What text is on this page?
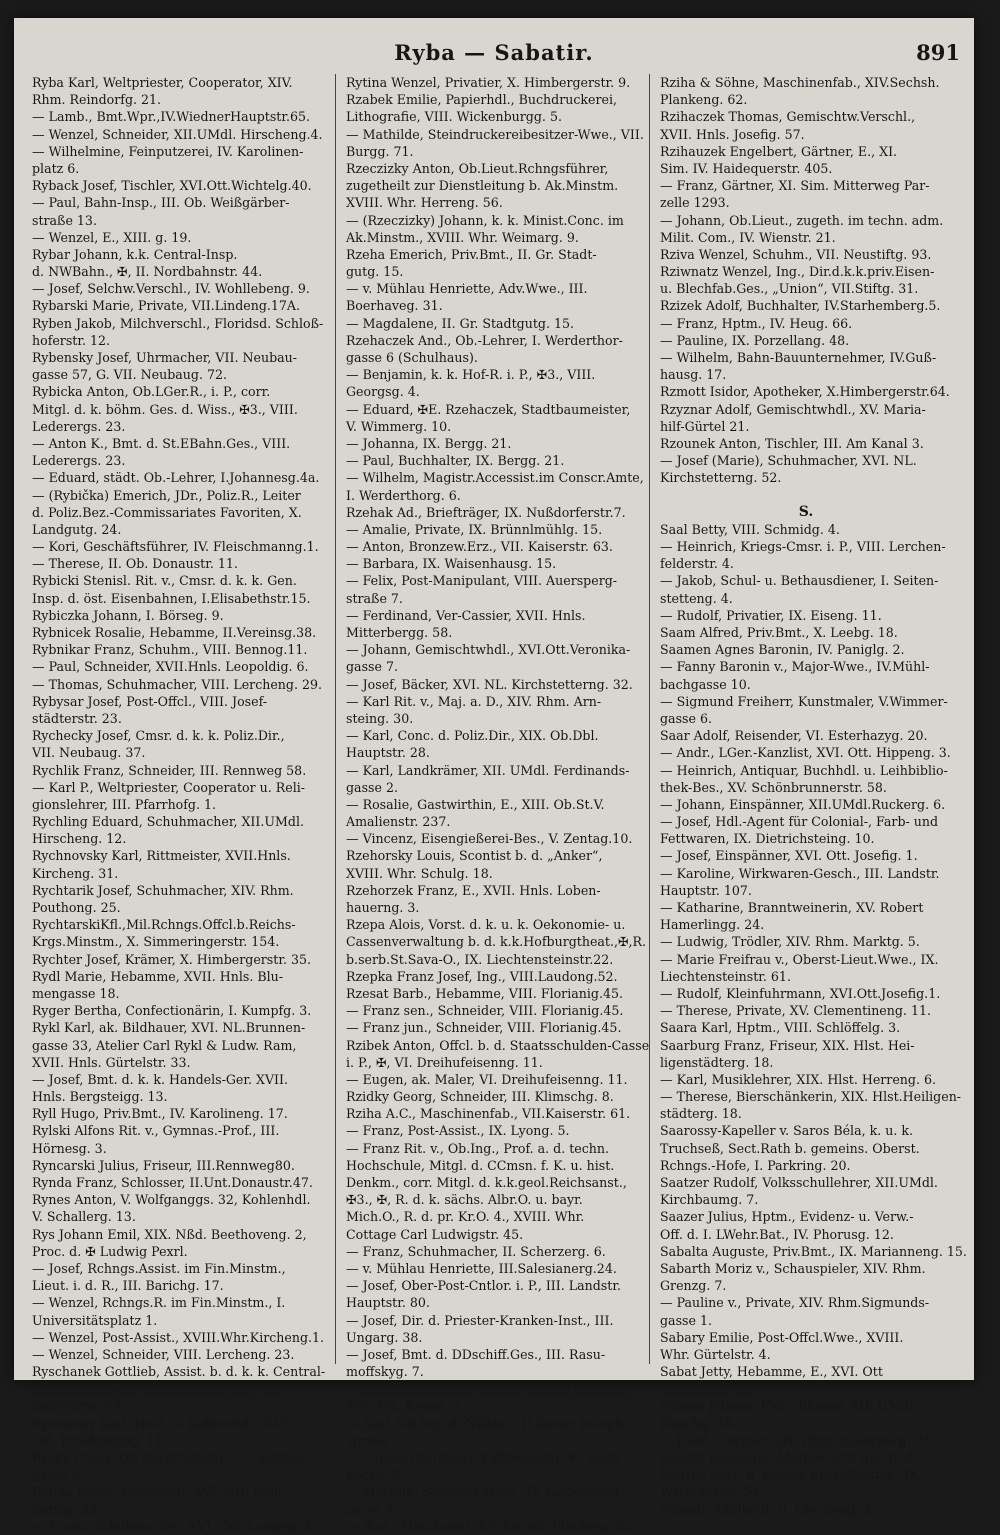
Ryba — Sabatir.	891
Ryba Karl, Weltpriester, Cooperator, XIV.
Rhm. Reindorfg. 21.
— Lamb., Bmt.Wpr.,IV.WiednerHauptstr.65.
— Wenzel, Schneider, XII.UMdl. Hirscheng.4.
— Wilhelmine, Feinputzerei, IV. Karolinen-
platz 6.
Ryback Josef, Tischler, XVI.Ott.Wichtelg.40.
— Paul, Bahn-Insp., III. Ob. Weißgärber-
straße 13.
— Wenzel, E., XIII. g. 19.
Rybar Johann, k.k. Central-Insp.
d. NWBahn., ✠, II. Nordbahnstr. 44.
— Josef, Selchw.Verschl., IV. Wohllebeng. 9.
Rybarski Marie, Private, VII.Lindeng.17A.
Ryben Jakob, Milchverschl., Floridsd. Schloß-
hoferstr. 12.
Rybensky Josef, Uhrmacher, VII. Neubau-
gasse 57, G. VII. Neubaug. 72.
Rybicka Anton, Ob.LGer.R., i. P., corr.
Mitgl. d. k. böhm. Ges. d. Wiss., ✠3., VIII.
Lederergs. 23.
— Anton K., Bmt. d. St.EBahn.Ges., VIII.
Lederergs. 23.
— Eduard, städt. Ob.-Lehrer, I.Johannesg.4a.
— (Rybička) Emerich, JDr., Poliz.R., Leiter
d. Poliz.Bez.-Commissariates Favoriten, X.
Landgutg. 24.
— Kori, Geschäftsführer, IV. Fleischmanng.1.
— Therese, II. Ob. Donaustr. 11.
Rybicki Stenisl. Rit. v., Cmsr. d. k. k. Gen.
Insp. d. öst. Eisenbahnen, I.Elisabethstr.15.
Rybiczka Johann, I. Börseg. 9.
Rybnicek Rosalie, Hebamme, II.Vereinsg.38.
Rybnikar Franz, Schuhm., VIII. Bennog.11.
— Paul, Schneider, XVII.Hnls. Leopoldig. 6.
— Thomas, Schuhmacher, VIII. Lercheng. 29.
Rybysar Josef, Post-Offcl., VIII. Josef-
städterstr. 23.
Rychecky Josef, Cmsr. d. k. k. Poliz.Dir.,
VII. Neubaug. 37.
Rychlik Franz, Schneider, III. Rennweg 58.
— Karl P., Weltpriester, Cooperator u. Reli-
gionslehrer, III. Pfarrhofg. 1.
Rychling Eduard, Schuhmacher, XII.UMdl.
Hirscheng. 12.
Rychnovsky Karl, Rittmeister, XVII.Hnls.
Kircheng. 31.
Rychtarik Josef, Schuhmacher, XIV. Rhm.
Pouthong. 25.
RychtarskiKfl.,Mil.Rchngs.Offcl.b.Reichs-
Krgs.Minstm., X. Simmeringerstr. 154.
Rychter Josef, Krämer, X. Himbergerstr. 35.
Rydl Marie, Hebamme, XVII. Hnls. Blu-
mengasse 18.
Ryger Bertha, Confectionärin, I. Kumpfg. 3.
Rykl Karl, ak. Bildhauer, XVI. NL.Brunnen-
gasse 33, Atelier Carl Rykl & Ludw. Ram,
XVII. Hnls. Gürtelstr. 33.
— Josef, Bmt. d. k. k. Handels-Ger. XVII.
Hnls. Bergsteigg. 13.
Ryll Hugo, Priv.Bmt., IV. Karolineng. 17.
Rylski Alfons Rit. v., Gymnas.-Prof., III.
Hörnesg. 3.
Ryncarski Julius, Friseur, III.Rennweg80.
Rynda Franz, Schlosser, II.Unt.Donaustr.47.
Rynes Anton, V. Wolfganggs. 32, Kohlenhdl.
V. Schallerg. 13.
Rys Johann Emil, XIX. Nßd. Beethoveng. 2,
Proc. d. ✠ Ludwig Pexrl.
— Josef, Rchngs.Assist. im Fin.Minstm.,
Lieut. i. d. R., III. Barichg. 17.
— Wenzel, Rchngs.R. im Fin.Minstm., I.
Universitätsplatz 1.
— Wenzel, Post-Assist., XVIII.Whr.Kircheng.1.
— Wenzel, Schneider, VIII. Lercheng. 23.
Ryschanek Gottlieb, Assist. b. d. k. k. Central-
Stempelmarken-Verschl.Mag., XV. Neu-
bau-Gürtel 47.
Ryschawy Karl, Holz- u. Kohlenhdl., XVI.
Ott. Friedmanng. 14.
Ryska Franz, Ob.Ing.d.NBahn., II.Castellez-
gasse 6.
Rytina Franz, Schneider, XVI. Ott. Rein-
hartsg. 33.
— Franz, Schuhmacher, XVI. Ott. Langeg. 3.
Rytina Wenzel, Privatier, X. Himbergerstr. 9.
Rzabek Emilie, Papierhdl., Buchdruckerei,
Lithografie, VIII. Wickenburgg. 5.
— Mathilde, Steindruckereibesitzer-Wwe., VII.
Burgg. 71.
Rzeczizky Anton, Ob.Lieut.Rchngsführer,
zugetheilt zur Dienstleitung b. Ak.Minstm.
XVIII. Whr. Herreng. 56.
— (Rzeczizky) Johann, k. k. Minist.Conc. im
Ak.Minstm., XVIII. Whr. Weimarg. 9.
Rzeha Emerich, Priv.Bmt., II. Gr. Stadt-
gutg. 15.
— v. Mühlau Henriette, Adv.Wwe., III.
Boerhaveg. 31.
— Magdalene, II. Gr. Stadtgutg. 15.
Rzehaczek And., Ob.-Lehrer, I. Werderthor-
gasse 6 (Schulhaus).
— Benjamin, k. k. Hof-R. i. P., ✠3., VIII.
Georgsg. 4.
— Eduard, ✠E. Rzehaczek, Stadtbaumeister,
V. Wimmerg. 10.
— Johanna, IX. Bergg. 21.
— Paul, Buchhalter, IX. Bergg. 21.
— Wilhelm, Magistr.Accessist.im Conscr.Amte,
I. Werderthorg. 6.
Rzehak Ad., Briefträger, IX. Nußdorferstr.7.
— Amalie, Private, IX. Brünnlmühlg. 15.
— Anton, Bronzew.Erz., VII. Kaiserstr. 63.
— Barbara, IX. Waisenhausg. 15.
— Felix, Post-Manipulant, VIII. Auersperg-
straße 7.
— Ferdinand, Ver-Cassier, XVII. Hnls.
Mitterbergg. 58.
— Johann, Gemischtwhdl., XVI.Ott.Veronika-
gasse 7.
— Josef, Bäcker, XVI. NL. Kirchstetterng. 32.
— Karl Rit. v., Maj. a. D., XIV. Rhm. Arn-
steing. 30.
— Karl, Conc. d. Poliz.Dir., XIX. Ob.Dbl.
Hauptstr. 28.
— Karl, Landkrämer, XII. UMdl. Ferdinands-
gasse 2.
— Rosalie, Gastwirthin, E., XIII. Ob.St.V.
Amalienstr. 237.
— Vincenz, Eisengießerei-Bes., V. Zentag.10.
Rzehorsky Louis, Scontist b. d. „Anker“,
XVIII. Whr. Schulg. 18.
Rzehorzek Franz, E., XVII. Hnls. Loben-
hauerng. 3.
Rzepa Alois, Vorst. d. k. u. k. Oekonomie- u.
Cassenverwaltung b. d. k.k.Hofburgtheat.,✠,R.
b.serb.St.Sava-O., IX. Liechtensteinstr.22.
Rzepka Franz Josef, Ing., VIII.Laudong.52.
Rzesat Barb., Hebamme, VIII. Florianig.45.
— Franz sen., Schneider, VIII. Florianig.45.
— Franz jun., Schneider, VIII. Florianig.45.
Rzibek Anton, Offcl. b. d. Staatsschulden-Casse
i. P., ✠, VI. Dreihufeisenng. 11.
— Eugen, ak. Maler, VI. Dreihufeisenng. 11.
Rzidky Georg, Schneider, III. Klimschg. 8.
Rziha A.C., Maschinenfab., VII.Kaiserstr. 61.
— Franz, Post-Assist., IX. Lyong. 5.
— Franz Rit. v., Ob.Ing., Prof. a. d. techn.
Hochschule, Mitgl. d. CCmsn. f. K. u. hist.
Denkm., corr. Mitgl. d. k.k.geol.Reichsanst.,
✠3., ✠, R. d. k. sächs. Albr.O. u. bayr.
Mich.O., R. d. pr. Kr.O. 4., XVIII. Whr.
Cottage Carl Ludwigstr. 45.
— Franz, Schuhmacher, II. Scherzerg. 6.
— v. Mühlau Henriette, III.Salesianerg.24.
— Josef, Ober-Post-Cntlor. i. P., III. Landstr.
Hauptstr. 80.
— Josef, Dir. d. Priester-Kranken-Inst., III.
Ungarg. 38.
— Josef, Bmt. d. DDschiff.Ges., III. Rasu-
moffskyg. 7.
— Josefa, Privatlehr-Anst. f. Kleidermachen,
XVI. Ott. Krong. 7.
— Karl, Ob.Ing. d. NBahn., II.Kaiser Joseph-
straße 22.
— Lorenz (Barbara), Kaffeesieder, VI. Dam-
böckg. 8.
— Martina, Spängler-Wwe., IV. Leibenfrost-
gasse 8.
— Rud., Maschinist, XIV.Sechsh.Plankeng.62.
Rziha & Söhne, Maschinenfab., XIV.Sechsh.
Plankeng. 62.
Rzihaczek Thomas, Gemischtw.Verschl.,
XVII. Hnls. Josefig. 57.
Rzihauzek Engelbert, Gärtner, E., XI.
Sim. IV. Haidequerstr. 405.
— Franz, Gärtner, XI. Sim. Mitterweg Par-
zelle 1293.
— Johann, Ob.Lieut., zugeth. im techn. adm.
Milit. Com., IV. Wienstr. 21.
Rziva Wenzel, Schuhm., VII. Neustiftg. 93.
Rziwnatz Wenzel, Ing., Dir.d.k.k.priv.Eisen-
u. Blechfab.Ges., „Union“, VII.Stiftg. 31.
Rzizek Adolf, Buchhalter, IV.Starhemberg.5.
— Franz, Hptm., IV. Heug. 66.
— Pauline, IX. Porzellang. 48.
— Wilhelm, Bahn-Bauunternehmer, IV.Guß-
hausg. 17.
Rzmott Isidor, Apotheker, X.Himbergerstr.64.
Rzyznar Adolf, Gemischtwhdl., XV. Maria-
hilf-Gürtel 21.
Rzounek Anton, Tischler, III. Am Kanal 3.
— Josef (Marie), Schuhmacher, XVI. NL.
Kirchstetterng. 52.
S.
Saal Betty, VIII. Schmidg. 4.
— Heinrich, Kriegs-Cmsr. i. P., VIII. Lerchen-
felderstr. 4.
— Jakob, Schul- u. Bethausdiener, I. Seiten-
stetteng. 4.
— Rudolf, Privatier, IX. Eiseng. 11.
Saam Alfred, Priv.Bmt., X. Leebg. 18.
Saamen Agnes Baronin, IV. Paniglg. 2.
— Fanny Baronin v., Major-Wwe., IV.Mühl-
bachgasse 10.
— Sigmund Freiherr, Kunstmaler, V.Wimmer-
gasse 6.
Saar Adolf, Reisender, VI. Esterhazyg. 20.
— Andr., LGer.-Kanzlist, XVI. Ott. Hippeng. 3.
— Heinrich, Antiquar, Buchhdl. u. Leihbiblio-
thek-Bes., XV. Schönbrunnerstr. 58.
— Johann, Einspänner, XII.UMdl.Ruckerg. 6.
— Josef, Hdl.-Agent für Colonial-, Farb- und
Fettwaren, IX. Dietrichsteing. 10.
— Josef, Einspänner, XVI. Ott. Josefig. 1.
— Karoline, Wirkwaren-Gesch., III. Landstr.
Hauptstr. 107.
— Katharine, Branntweinerin, XV. Robert
Hamerlingg. 24.
— Ludwig, Trödler, XIV. Rhm. Marktg. 5.
— Marie Freifrau v., Oberst-Lieut.Wwe., IX.
Liechtensteinstr. 61.
— Rudolf, Kleinfuhrmann, XVI.Ott.Josefig.1.
— Therese, Private, XV. Clementineng. 11.
Saara Karl, Hptm., VIII. Schlöffelg. 3.
Saarburg Franz, Friseur, XIX. Hlst. Hei-
ligenstädterg. 18.
— Karl, Musiklehrer, XIX. Hlst. Herreng. 6.
— Therese, Bierschänkerin, XIX. Hlst.Heiligen-
städterg. 18.
Saarossy-Kapeller v. Saros Béla, k. u. k.
Truchseß, Sect.Rath b. gemeins. Oberst.
Rchngs.-Hofe, I. Parkring. 20.
Saatzer Rudolf, Volksschullehrer, XII.UMdl.
Kirchbaumg. 7.
Saazer Julius, Hptm., Evidenz- u. Verw.-
Off. d. I. LWehr.Bat., IV. Phorusg. 12.
Sabalta Auguste, Priv.Bmt., IX. Marianneng. 15.
Sabarth Moriz v., Schauspieler, XIV. Rhm.
Grenzg. 7.
— Pauline v., Private, XIV. Rhm.Sigmunds-
gasse 1.
Sabary Emilie, Post-Offcl.Wwe., XVIII.
Whr. Gürtelstr. 4.
Sabat Jetty, Hebamme, E., XVI. Ott
Schotteng. 15.
Sabata Johann, Fleischhauer, XII. UMdl.
Rauchg. 44.
— Josef, Tischler, XIV. Rhm. Holocherg. 24.
Sabath Benjamin, Marine-Artil.Ing. b. d.
Marine-Sect. d. Reichs-Krgs.Minstm., IX.
Wäringerstr. 52.
Sabatin Adelheid, II. Glockeng. 3.
